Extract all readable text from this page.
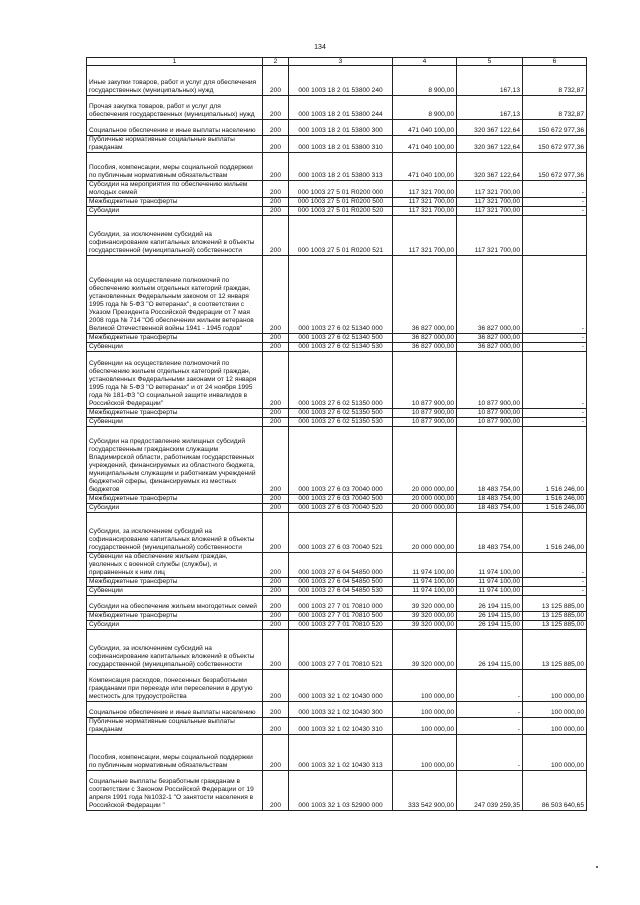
134
1	2	3	4	5	6
Иные закупки товаров, работ и услуг для обеспечения государственных (муниципальных) нужд	200	000 1003 18 2 01 53800 240	8 900,00	167,13	8 732,87
Прочая закупка товаров, работ и услуг для обеспечения государственных (муниципальных) нужд	200	000 1003 18 2 01 53800 244	8 900,00	167,13	8 732,87
Социальное обеспечение и иные выплаты населению	200	000 1003 18 2 01 53800 300	471 040 100,00	320 367 122,64	150 672 977,36
Публичные нормативные социальные выплаты гражданам	200	000 1003 18 2 01 53800 310	471 040 100,00	320 367 122,64	150 672 977,36
Пособия, компенсации, меры социальной поддержки по публичным нормативным обязательствам	200	000 1003 18 2 01 53800 313	471 040 100,00	320 367 122,64	150 672 977,36
Субсидии на мероприятия по обеспечению жильем молодых семей	200	000 1003 27 5 01 R0200 000	117 321 700,00	117 321 700,00	-
Межбюджетные трансферты	200	000 1003 27 5 01 R0200 500	117 321 700,00	117 321 700,00	-
Субсидии	200	000 1003 27 5 01 R0200 520	117 321 700,00	117 321 700,00	-
Субсидии, за исключением субсидий на софинансирование капитальных вложений в объекты государственной (муниципальной) собственности	200	000 1003 27 5 01 R0200 521	117 321 700,00	117 321 700,00	
Субвенции на осуществление полномочий по обеспечению жильем отдельных категорий граждан, установленных Федеральным законом от 12 января 1995 года № 5-ФЗ "О ветеранах", в соответствии с Указом Президента Российской Федерации от 7 мая 2008 года № 714 "Об обеспечении жильем ветеранов Великой Отечественной войны 1941 - 1945 годов"	200	000 1003 27 6 02 51340 000	36 827 000,00	36 827 000,00	-
Межбюджетные трансферты	200	000 1003 27 6 02 51340 500	36 827 000,00	36 827 000,00	-
Субвенции	200	000 1003 27 6 02 51340 530	36 827 000,00	36 827 000,00	-
Субвенции на осуществление полномочий по обеспечению жильем отдельных категорий граждан, установленных Федеральными законами от 12 января 1995 года № 5-ФЗ "О ветеранах" и от 24 ноября 1995 года № 181-ФЗ "О социальной защите инвалидов в Российской Федерации"	200	000 1003 27 6 02 51350 000	10 877 900,00	10 877 900,00	-
Межбюджетные трансферты	200	000 1003 27 6 02 51350 500	10 877 900,00	10 877 900,00	-
Субвенции	200	000 1003 27 6 02 51350 530	10 877 900,00	10 877 900,00	-
Субсидии на предоставление жилищных субсидий государственным гражданским служащим Владимирской области, работникам государственных учреждений, финансируемых из областного бюджета, муниципальным служащим и работникам учреждений бюджетной сферы, финансируемых из местных бюджетов	200	000 1003 27 6 03 70040 000	20 000 000,00	18 483 754,00	1 516 246,00
Межбюджетные трансферты	200	000 1003 27 6 03 70040 500	20 000 000,00	18 483 754,00	1 516 246,00
Субсидии	200	000 1003 27 6 03 70040 520	20 000 000,00	18 483 754,00	1 516 246,00
Субсидии, за исключением субсидий на софинансирование капитальных вложений в объекты государственной (муниципальной) собственности	200	000 1003 27 6 03 70040 521	20 000 000,00	18 483 754,00	1 516 246,00
Субвенции на обеспечение жильем граждан, уволенных с военной службы (службы), и приравненных к ним лиц	200	000 1003 27 6 04 54850 000	11 974 100,00	11 974 100,00	-
Межбюджетные трансферты	200	000 1003 27 6 04 54850 500	11 974 100,00	11 974 100,00	-
Субвенции	200	000 1003 27 6 04 54850 530	11 974 100,00	11 974 100,00	-
Субсидии на обеспечение жильем многодетных семей	200	000 1003 27 7 01 70810 000	39 320 000,00	26 194 115,00	13 125 885,00
Межбюджетные трансферты	200	000 1003 27 7 01 70810 500	39 320 000,00	26 194 115,00	13 125 885,00
Субсидии	200	000 1003 27 7 01 70810 520	39 320 000,00	26 194 115,00	13 125 885,00
Субсидии, за исключением субсидий на софинансирование капитальных вложений в объекты государственной (муниципальной) собственности	200	000 1003 27 7 01 70810 521	39 320 000,00	26 194 115,00	13 125 885,00
Компенсация расходов, понесенных безработными гражданами при переезде или переселении в другую местность для трудоустройства	200	000 1003 32 1 02 10430 000	100 000,00	-	100 000,00
Социальное обеспечение и иные выплаты населению	200	000 1003 32 1 02 10430 300	100 000,00	-	100 000,00
Публичные нормативные социальные выплаты гражданам	200	000 1003 32 1 02 10430 310	100 000,00	-	100 000,00
Пособия, компенсации, меры социальной поддержки по публичным нормативным обязательствам	200	000 1003 32 1 02 10430 313	100 000,00	-	100 000,00
Социальные выплаты безработным гражданам в соответствии с Законом Российской Федерации от 19 апреля 1991 года №1032-1 "О занятости населения в Российской Федерации "	200	000 1003 32 1 03 52900 000	333 542 900,00	247 039 259,35	86 503 640,65
